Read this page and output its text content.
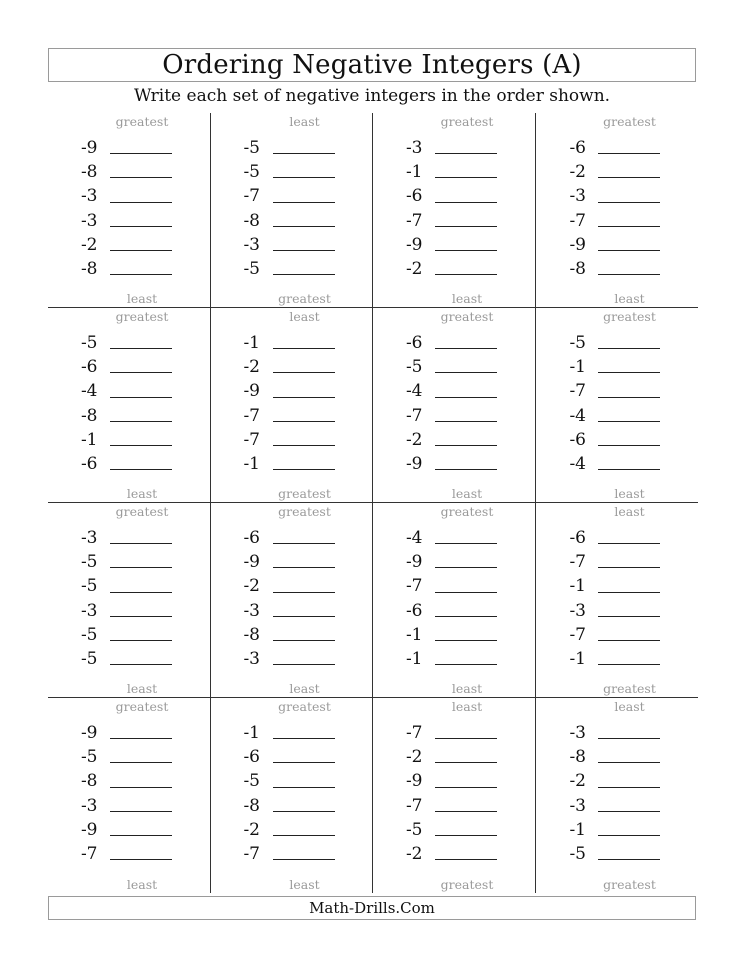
Ordering Negative Integers (A)
Write each set of negative integers in the order shown.
greatest
-9
-8
-3
-3
-2
-8
least
least
-5
-5
-7
-8
-3
-5
greatest
greatest
-3
-1
-6
-7
-9
-2
least
greatest
-6
-2
-3
-7
-9
-8
least
greatest
-5
-6
-4
-8
-1
-6
least
least
-1
-2
-9
-7
-7
-1
greatest
greatest
-6
-5
-4
-7
-2
-9
least
greatest
-5
-1
-7
-4
-6
-4
least
greatest
-3
-5
-5
-3
-5
-5
least
greatest
-6
-9
-2
-3
-8
-3
least
greatest
-4
-9
-7
-6
-1
-1
least
least
-6
-7
-1
-3
-7
-1
greatest
greatest
-9
-5
-8
-3
-9
-7
least
greatest
-1
-6
-5
-8
-2
-7
least
least
-7
-2
-9
-7
-5
-2
greatest
least
-3
-8
-2
-3
-1
-5
greatest
Math-Drills.Com
